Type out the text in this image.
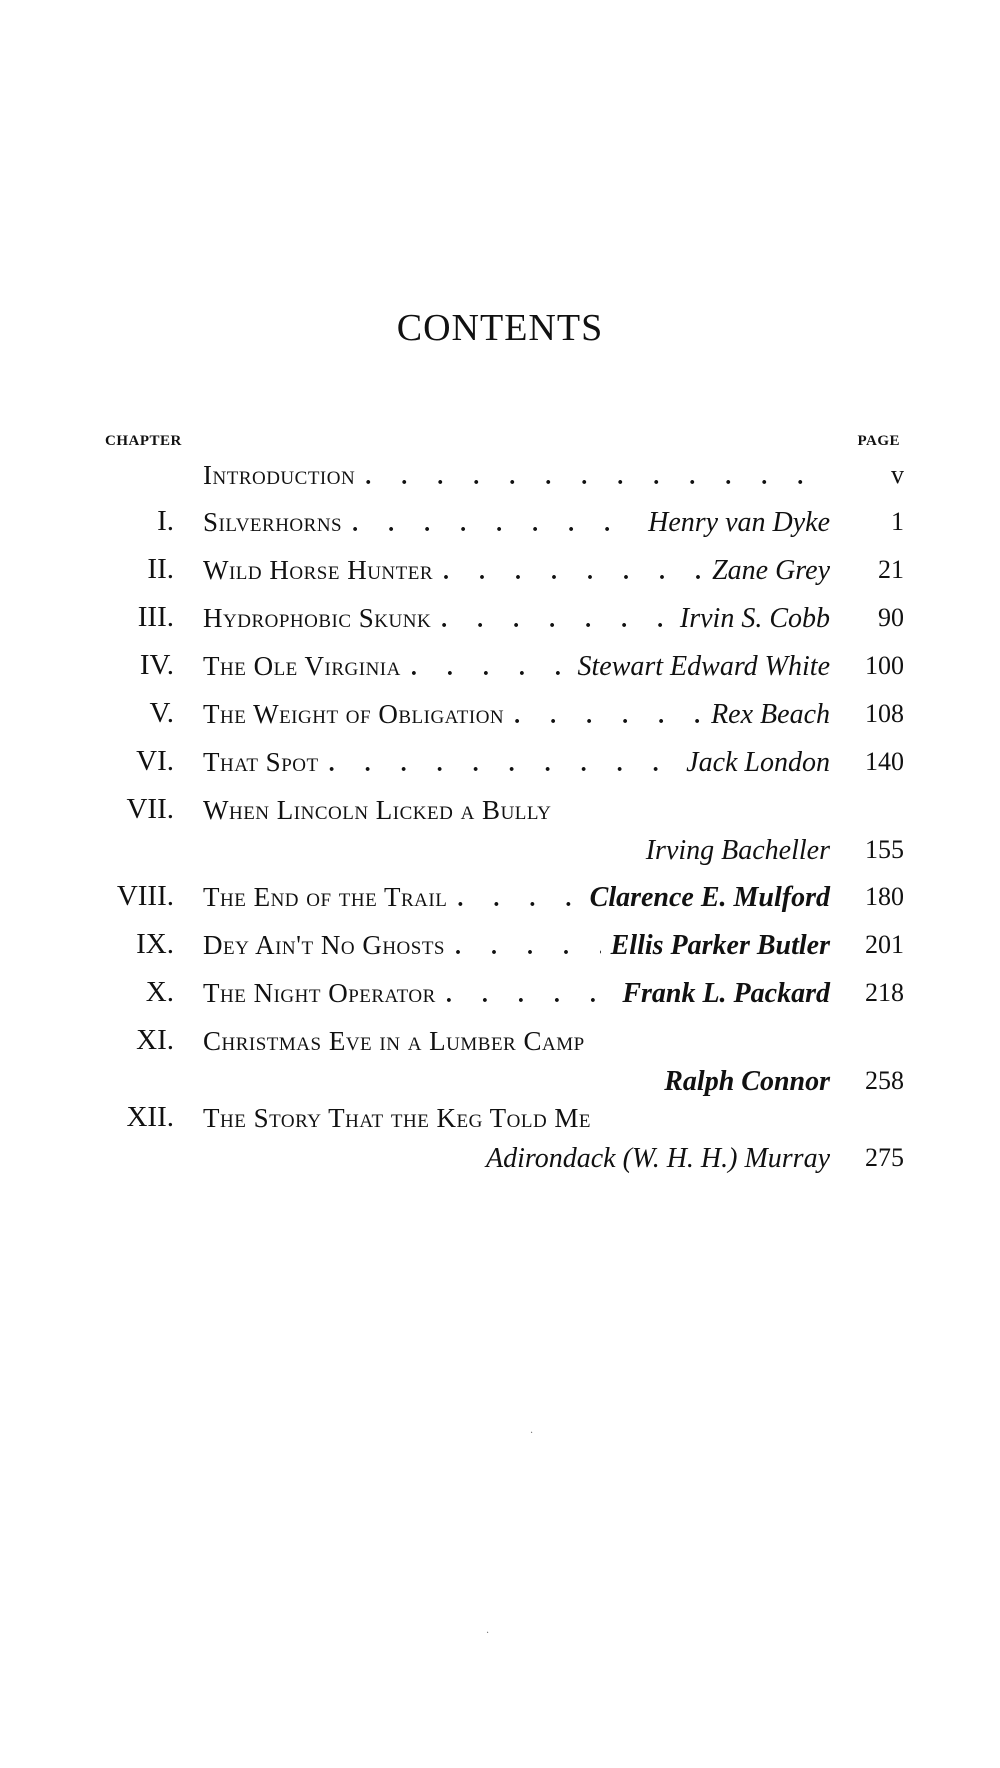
CONTENTS
CHAPTER	PAGE
Introduction . . .	v
I. Silverhorns . . .	Henry van Dyke 1
II. Wild Horse Hunter . . .	Zane Grey 21
III. Hydrophobic Skunk . . .	Irvin S. Cobb 90
IV. The Ole Virginia . . .	Stewart Edward White 100
V. The Weight of Obligation . . .	Rex Beach 108
VI. That Spot . . .	Jack London 140
VII. When Lincoln Licked a Bully
Irving Bacheller 155
VIII. The End of the Trail . . .	Clarence E. Mulford 180
IX. Dey Ain't No Ghosts . . .	Ellis Parker Butler 201
X. The Night Operator . . .	Frank L. Packard 218
XI. Christmas Eve in a Lumber Camp
Ralph Connor 258
XII. The Story That the Keg Told Me
Adirondack (W. H. H.) Murray 275
·
·
